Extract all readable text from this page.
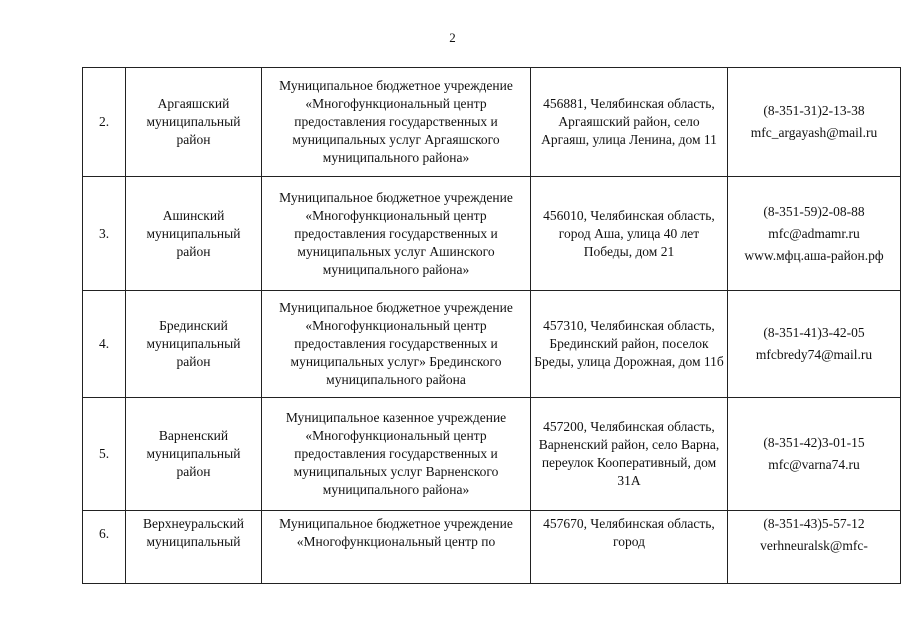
2
2.	Аргаяшский муниципальный район	Муниципальное бюджетное учреждение «Многофункциональный центр предоставления государственных и муниципальных услуг Аргаяшского муниципального района»	456881, Челябинская область, Аргаяшский район, село Аргаяш, улица Ленина, дом 11	(8-351-31)2-13-38
mfc_argayash@mail.ru

3.	Ашинский муниципальный район	Муниципальное бюджетное учреждение «Многофункциональный центр предоставления государственных и муниципальных услуг Ашинского муниципального района»	456010, Челябинская область, город Аша, улица 40 лет Победы, дом 21	(8-351-59)2-08-88
mfc@admamr.ru
www.мфц.аша-район.рф

4.	Брединский муниципальный район	Муниципальное бюджетное учреждение «Многофункциональный центр предоставления государственных и муниципальных услуг» Брединского муниципального района	457310, Челябинская область, Брединский район, поселок Бреды, улица Дорожная, дом 11б	(8-351-41)3-42-05
mfcbredy74@mail.ru

5.	Варненский муниципальный район	Муниципальное казенное учреждение «Многофункциональный центр предоставления государственных и муниципальных услуг Варненского муниципального района»	457200, Челябинская область, Варненский район, село Варна, переулок Кооперативный, дом 31А	(8-351-42)3-01-15
mfc@varna74.ru

6.	Верхнеуральский муниципальный	Муниципальное бюджетное учреждение «Многофункциональный центр по	457670, Челябинская область, город	(8-351-43)5-57-12
verhneuralsk@mfc-
